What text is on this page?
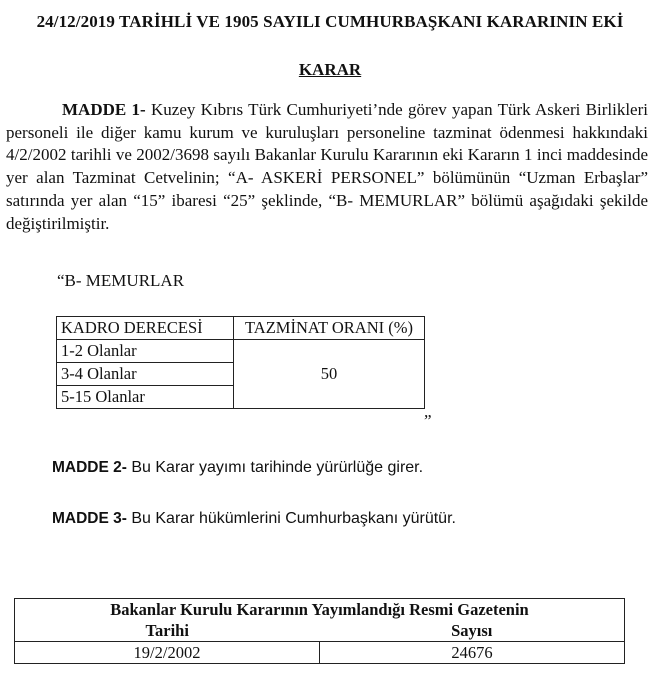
24/12/2019 TARİHLİ VE 1905 SAYILI CUMHURBAŞKANI KARARININ EKİ
KARAR

MADDE 1- Kuzey Kıbrıs Türk Cumhuriyeti’nde görev yapan Türk Askeri Birlikleri personeli ile diğer kamu kurum ve kuruluşları personeline tazminat ödenmesi hakkındaki 4/2/2002 tarihli ve 2002/3698 sayılı Bakanlar Kurulu Kararının eki Kararın 1 inci maddesinde yer alan Tazminat Cetvelinin; “A- ASKERİ PERSONEL” bölümünün “Uzman Erbaşlar” satırında yer alan “15” ibaresi “25” şeklinde, “B- MEMURLAR” bölümü aşağıdaki şekilde değiştirilmiştir.

“B- MEMURLAR
KADRO DERECESİ	TAZMİNAT ORANI (%)
1-2 Olanlar	50
3-4 Olanlar	
5-15 Olanlar	
”
MADDE 2- Bu Karar yayımı tarihinde yürürlüğe girer.
MADDE 3- Bu Karar hükümlerini Cumhurbaşkanı yürütür.
Bakanlar Kurulu Kararının Yayımlandığı Resmi Gazetenin	
Tarihi	Sayısı
19/2/2002	24676
